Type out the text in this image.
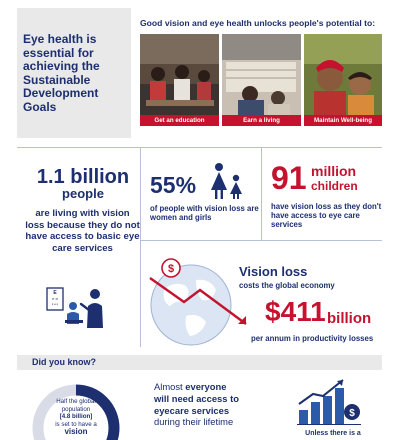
Eye health is essential for achieving the Sustainable Development Goals
Good vision and eye health unlocks people's potential to:
Get an education	Earn a living	Maintain Well-being
1.1 billion
people
are living with vision loss because they do not have access to basic eye care services
E
ᴇ ᴚ
ᴇ ᴚ ᴇ
55%
of people with vision loss are women and girls
91 million
children
have vision loss as they don't have access to eye care services
$	Vision loss
costs the global economy
$411 billion
per annum in productivity losses
Did you know?
Half the global
population
[4.8 billion]
is set to have a
vision
Almost everyone
will need access to
eyecare services
during their lifetime
$
Unless there is a
